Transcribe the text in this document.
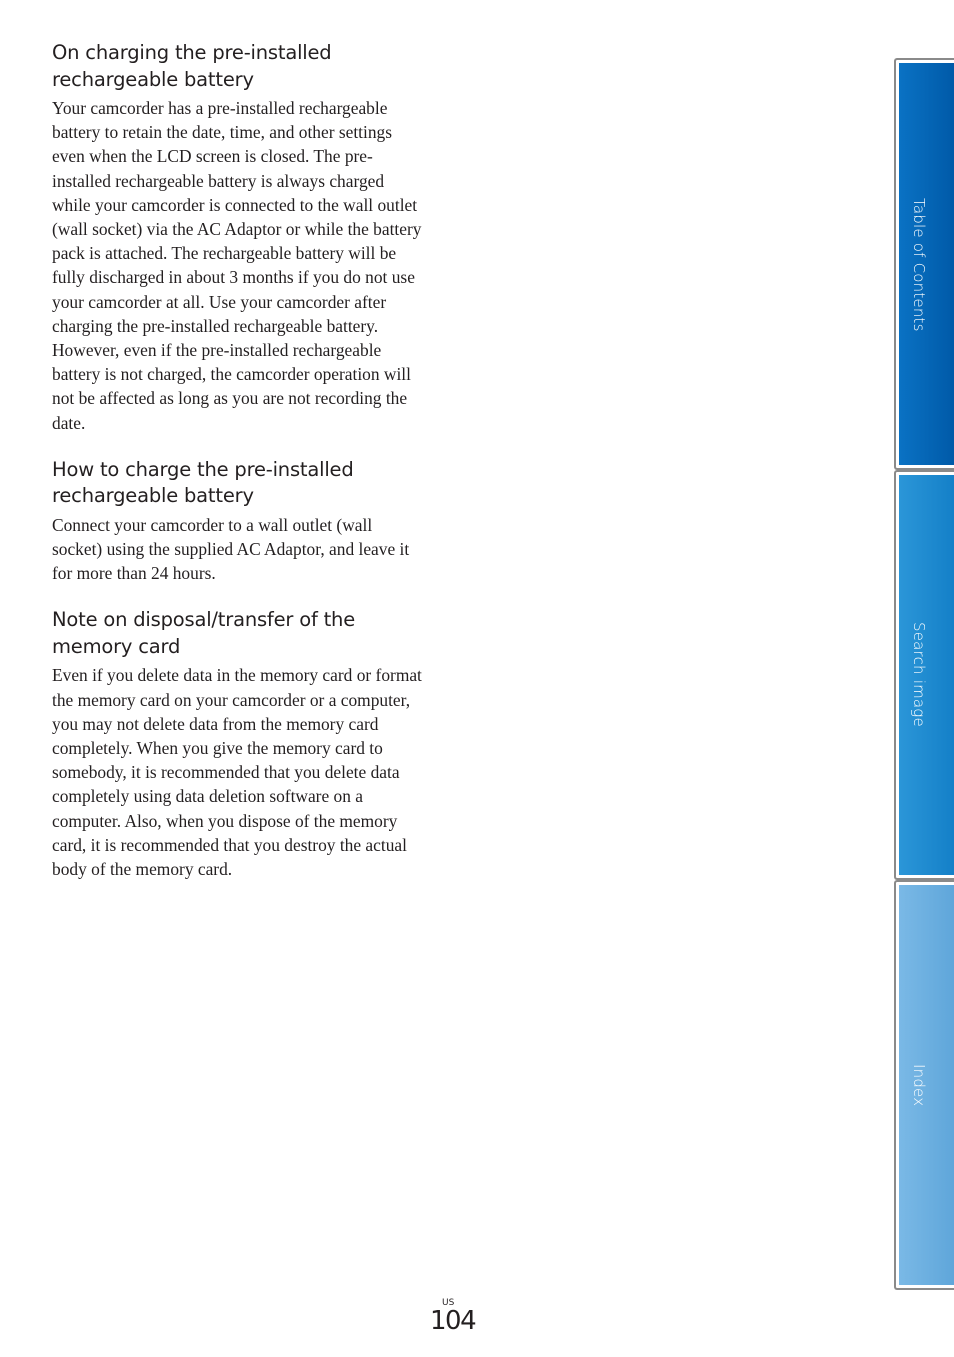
On charging the pre-installed rechargeable battery

Your camcorder has a pre-installed rechargeable battery to retain the date, time, and other settings even when the LCD screen is closed. The pre-installed rechargeable battery is always charged while your camcorder is connected to the wall outlet (wall socket) via the AC Adaptor or while the battery pack is attached. The rechargeable battery will be fully discharged in about 3 months if you do not use your camcorder at all. Use your camcorder after charging the pre-installed rechargeable battery.

However, even if the pre-installed rechargeable battery is not charged, the camcorder operation will not be affected as long as you are not recording the date.

How to charge the pre-installed rechargeable battery

Connect your camcorder to a wall outlet (wall socket) using the supplied AC Adaptor, and leave it for more than 24 hours.

Note on disposal/transfer of the memory card

Even if you delete data in the memory card or format the memory card on your camcorder or a computer, you may not delete data from the memory card completely. When you give the memory card to somebody, it is recommended that you delete data completely using data deletion software on a computer. Also, when you dispose of the memory card, it is recommended that you destroy the actual body of the memory card.

Table of Contents
Search image
Index
US
104
